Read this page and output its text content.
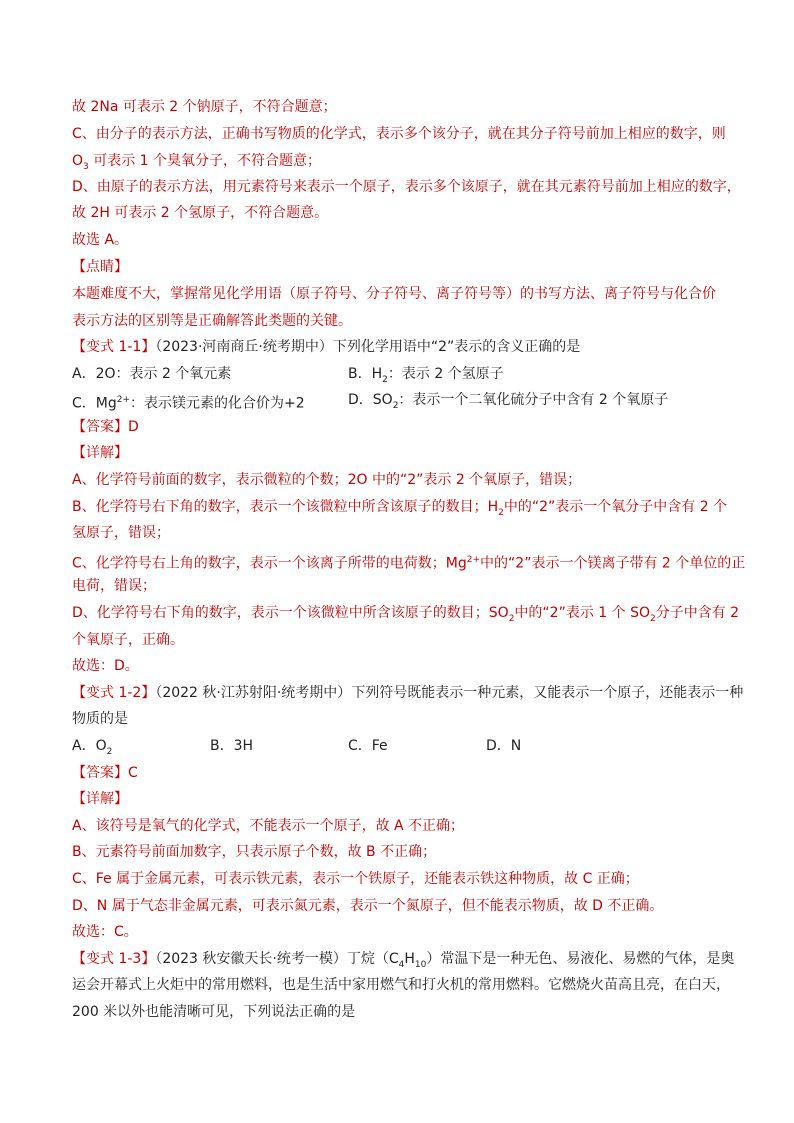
故 2Na 可表示 2 个钠原子，不符合题意；
C、由分子的表示方法，正确书写物质的化学式，表示多个该分子，就在其分子符号前加上相应的数字，则
$O_3$ 可表示 1 个臭氧分子，不符合题意；
D、由原子的表示方法，用元素符号来表示一个原子，表示多个该原子，就在其元素符号前加上相应的数字，
故 2H 可表示 2 个氢原子，不符合题意。
故选 A。
【点睛】
本题难度不大，掌握常见化学用语（原子符号、分子符号、离子符号等）的书写方法、离子符号与化合价
表示方法的区别等是正确解答此类题的关键。
【变式 1-1】（2023·河南商丘·统考期中）下列化学用语中“2”表示的含义正确的是
A．2O：表示 2 个氧元素	B．$H_2$：表示 2 个氢原子
C．$Mg^{2+}$：表示镁元素的化合价为+2	D．$SO_2$：表示一个二氧化硫分子中含有 2 个氧原子
【答案】D
【详解】
A、化学符号前面的数字，表示微粒的个数；2O 中的“2”表示 2 个氧原子，错误；
B、化学符号右下角的数字，表示一个该微粒中所含该原子的数目；$H_2$中的“2”表示一个氧分子中含有 2 个
氢原子，错误；
C、化学符号右上角的数字，表示一个该离子所带的电荷数；$Mg^{2+}$中的“2”表示一个镁离子带有 2 个单位的正
电荷，错误；
D、化学符号右下角的数字，表示一个该微粒中所含该原子的数目；$SO_2$中的“2”表示 1 个 $SO_2$分子中含有 2
个氧原子，正确。
故选：D。
【变式 1-2】（2022 秋·江苏射阳·统考期中）下列符号既能表示一种元素，又能表示一个原子，还能表示一种
物质的是
A．$O_2$	B．3H	C．Fe	D．N
【答案】C
【详解】
A、该符号是氧气的化学式，不能表示一个原子，故 A 不正确；
B、元素符号前面加数字，只表示原子个数，故 B 不正确；
C、Fe 属于金属元素，可表示铁元素，表示一个铁原子，还能表示铁这种物质，故 C 正确；
D、N 属于气态非金属元素，可表示氮元素，表示一个氮原子，但不能表示物质，故 D 不正确。
故选：C。
【变式 1-3】（2023 秋安徽天长·统考一模）丁烷$(C_4H_{10})$常温下是一种无色、易液化、易燃的气体，是奥
运会开幕式上火炬中的常用燃料，也是生活中家用燃气和打火机的常用燃料。它燃烧火苗高且亮，在白天，
200 米以外也能清晰可见，下列说法正确的是
